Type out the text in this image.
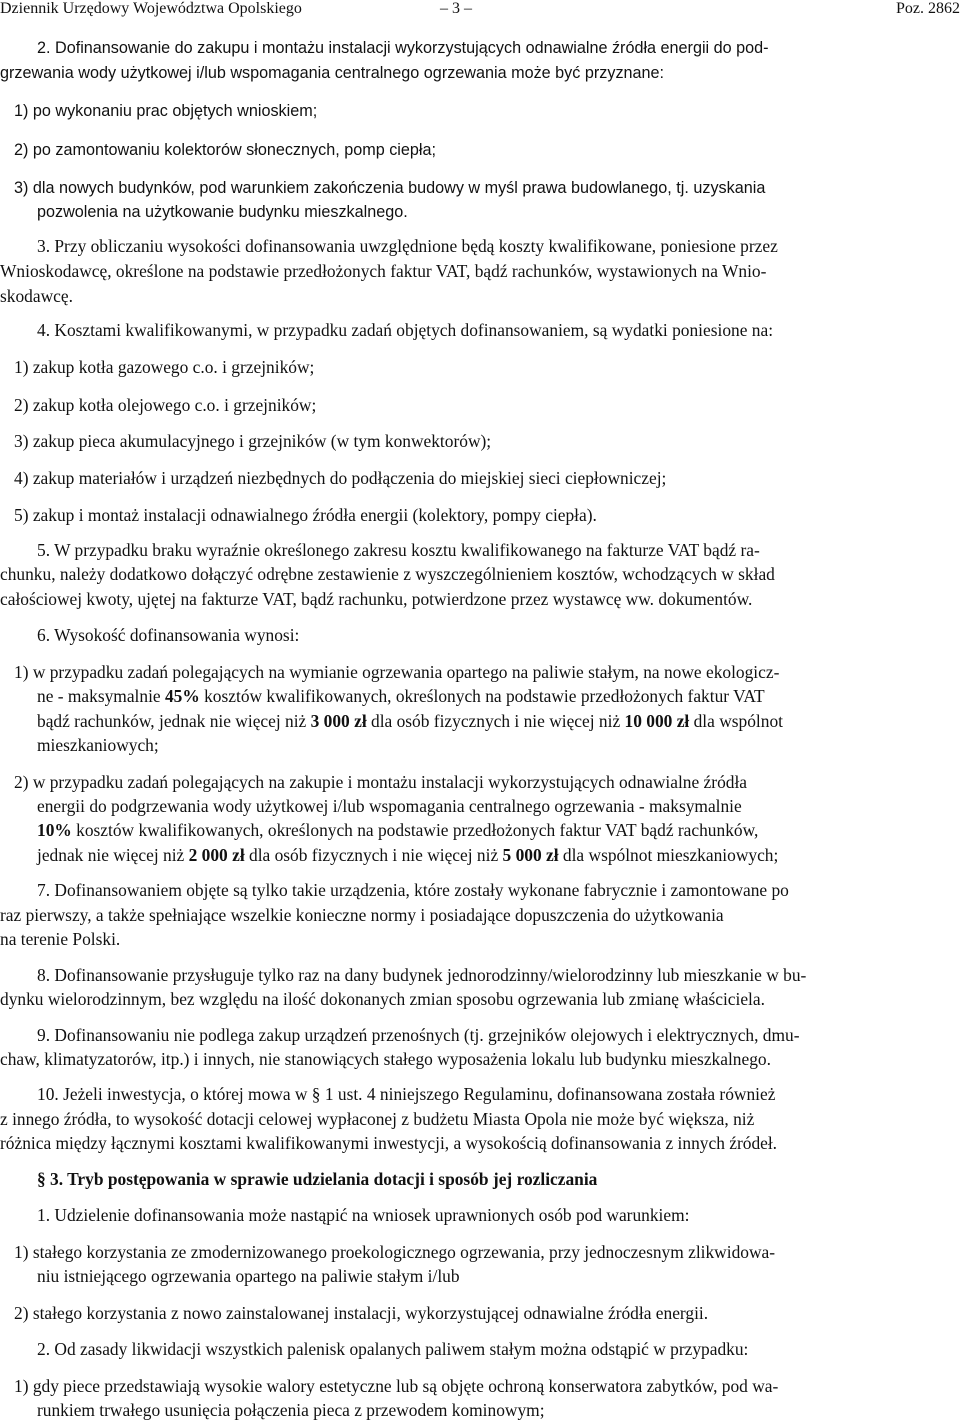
Dziennik Urzędowy Województwa Opolskiego	– 3 –	Poz. 2862
2. Dofinansowanie do zakupu i montażu instalacji wykorzystujących odnawialne źródła energii do pod-
grzewania wody użytkowej i/lub wspomagania centralnego ogrzewania może być przyznane:
1) po wykonaniu prac objętych wnioskiem;
2) po zamontowaniu kolektorów słonecznych, pomp ciepła;
3) dla nowych budynków, pod warunkiem zakończenia budowy w myśl prawa budowlanego, tj. uzyskania
pozwolenia na użytkowanie budynku mieszkalnego.
3. Przy obliczaniu wysokości dofinansowania uwzględnione będą koszty kwalifikowane, poniesione przez
Wnioskodawcę, określone na podstawie przedłożonych faktur VAT, bądź rachunków, wystawionych na Wnio-
skodawcę.
4. Kosztami kwalifikowanymi, w przypadku zadań objętych dofinansowaniem, są wydatki poniesione na:
1) zakup kotła gazowego c.o. i grzejników;
2) zakup kotła olejowego c.o. i grzejników;
3) zakup pieca akumulacyjnego i grzejników (w tym konwektorów);
4) zakup materiałów i urządzeń niezbędnych do podłączenia do miejskiej sieci ciepłowniczej;
5) zakup i montaż instalacji odnawialnego źródła energii (kolektory, pompy ciepła).
5. W przypadku braku wyraźnie określonego zakresu kosztu kwalifikowanego na fakturze VAT bądź ra-
chunku, należy dodatkowo dołączyć odrębne zestawienie z wyszczególnieniem kosztów, wchodzących w skład
całościowej kwoty, ujętej na fakturze VAT, bądź rachunku, potwierdzone przez wystawcę ww. dokumentów.
6. Wysokość dofinansowania wynosi:
1) w przypadku zadań polegających na wymianie ogrzewania opartego na paliwie stałym, na nowe ekologicz-
ne - maksymalnie 45% kosztów kwalifikowanych, określonych na podstawie przedłożonych faktur VAT
bądź rachunków, jednak nie więcej niż 3 000 zł dla osób fizycznych i nie więcej niż 10 000 zł dla wspólnot
mieszkaniowych;
2) w przypadku zadań polegających na zakupie i montażu instalacji wykorzystujących odnawialne źródła
energii do podgrzewania wody użytkowej i/lub wspomagania centralnego ogrzewania - maksymalnie
10% kosztów kwalifikowanych, określonych na podstawie przedłożonych faktur VAT bądź rachunków,
jednak nie więcej niż 2 000 zł dla osób fizycznych i nie więcej niż 5 000 zł dla wspólnot mieszkaniowych;
7. Dofinansowaniem objęte są tylko takie urządzenia, które zostały wykonane fabrycznie i zamontowane po
raz pierwszy, a także spełniające wszelkie konieczne normy i posiadające dopuszczenia do użytkowania
na terenie Polski.
8. Dofinansowanie przysługuje tylko raz na dany budynek jednorodzinny/wielorodzinny lub mieszkanie w bu-
dynku wielorodzinnym, bez względu na ilość dokonanych zmian sposobu ogrzewania lub zmianę właściciela.
9. Dofinansowaniu nie podlega zakup urządzeń przenośnych (tj. grzejników olejowych i elektrycznych, dmu-
chaw, klimatyzatorów, itp.) i innych, nie stanowiących stałego wyposażenia lokalu lub budynku mieszkalnego.
10. Jeżeli inwestycja, o której mowa w § 1 ust. 4 niniejszego Regulaminu, dofinansowana została również
z innego źródła, to wysokość dotacji celowej wypłaconej z budżetu Miasta Opola nie może być większa, niż
różnica między łącznymi kosztami kwalifikowanymi inwestycji, a wysokością dofinansowania z innych źródeł.
§ 3. Tryb postępowania w sprawie udzielania dotacji i sposób jej rozliczania
1. Udzielenie dofinansowania może nastąpić na wniosek uprawnionych osób pod warunkiem:
1) stałego korzystania ze zmodernizowanego proekologicznego ogrzewania, przy jednoczesnym zlikwidowa-
niu istniejącego ogrzewania opartego na paliwie stałym i/lub
2) stałego korzystania z nowo zainstalowanej instalacji, wykorzystującej odnawialne źródła energii.
2. Od zasady likwidacji wszystkich palenisk opalanych paliwem stałym można odstąpić w przypadku:
1) gdy piece przedstawiają wysokie walory estetyczne lub są objęte ochroną konserwatora zabytków, pod wa-
runkiem trwałego usunięcia połączenia pieca z przewodem kominowym;
